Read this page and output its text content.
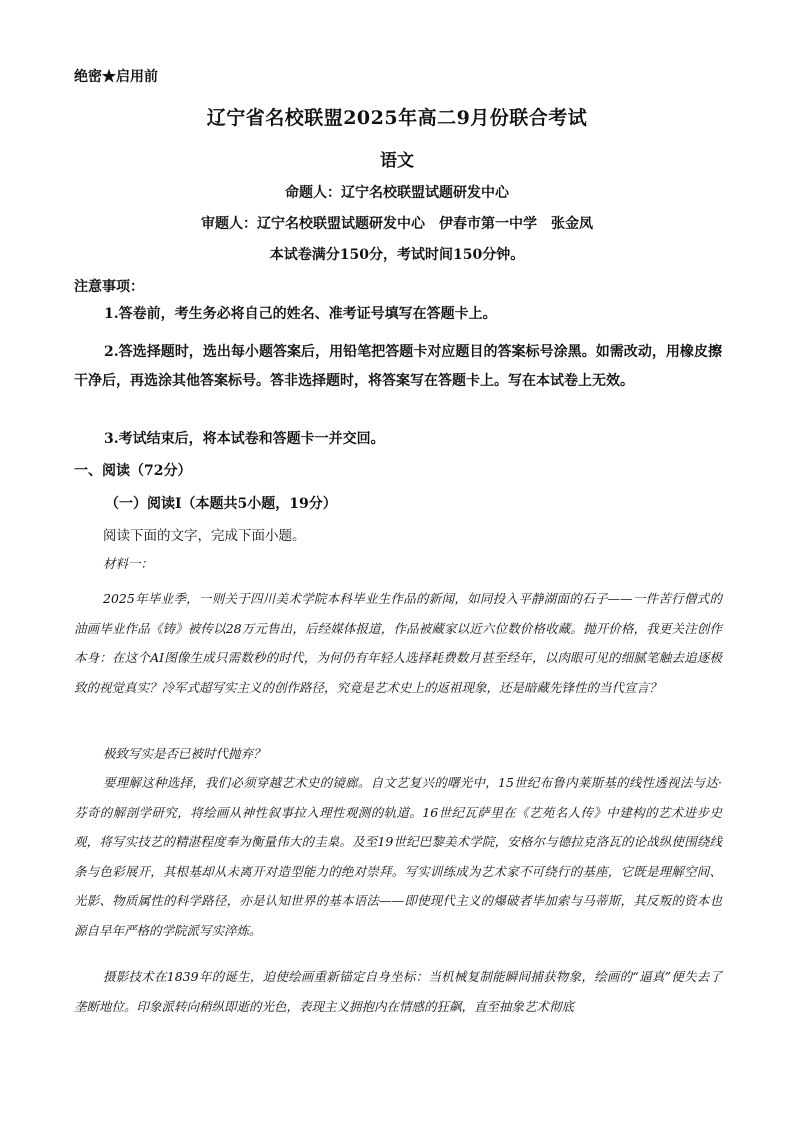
绝密★启用前
辽宁省名校联盟2025年高二9月份联合考试
语文
命题人：辽宁名校联盟试题研发中心
审题人：辽宁名校联盟试题研发中心　伊春市第一中学　张金凤
本试卷满分150分，考试时间150分钟。
注意事项：
1.答卷前，考生务必将自己的姓名、准考证号填写在答题卡上。
2.答选择题时，选出每小题答案后，用铅笔把答题卡对应题目的答案标号涂黑。如需改动，用橡皮擦干净后，再选涂其他答案标号。答非选择题时，将答案写在答题卡上。写在本试卷上无效。
3.考试结束后，将本试卷和答题卡一并交回。
一、阅读（72分）
（一）阅读Ⅰ（本题共5小题，19分）
阅读下面的文字，完成下面小题。
材料一：
2025年毕业季，一则关于四川美术学院本科毕业生作品的新闻，如同投入平静湖面的石子——一件苦行僧式的油画毕业作品《铸》被传以28万元售出，后经媒体报道，作品被藏家以近六位数价格收藏。抛开价格，我更关注创作本身：在这个AI图像生成只需数秒的时代，为何仍有年轻人选择耗费数月甚至经年，以肉眼可见的细腻笔触去追逐极致的视觉真实？冷军式超写实主义的创作路径，究竟是艺术史上的返祖现象，还是暗藏先锋性的当代宣言？
极致写实是否已被时代抛弃？
要理解这种选择，我们必须穿越艺术史的镜廊。自文艺复兴的曙光中，15世纪布鲁内莱斯基的线性透视法与达·芬奇的解剖学研究，将绘画从神性叙事拉入理性观测的轨道。16世纪瓦萨里在《艺苑名人传》中建构的艺术进步史观，将写实技艺的精湛程度奉为衡量伟大的圭臬。及至19世纪巴黎美术学院，安格尔与德拉克洛瓦的论战纵使围绕线条与色彩展开，其根基却从未离开对造型能力的绝对崇拜。写实训练成为艺术家不可绕行的基座，它既是理解空间、光影、物质属性的科学路径，亦是认知世界的基本语法——即使现代主义的爆破者毕加索与马蒂斯，其反叛的资本也源自早年严格的学院派写实淬炼。
摄影技术在1839年的诞生，迫使绘画重新锚定自身坐标：当机械复制能瞬间捕获物象，绘画的“逼真”便失去了垄断地位。印象派转向稍纵即逝的光色，表现主义拥抱内在情感的狂飙，直至抽象艺术彻底
